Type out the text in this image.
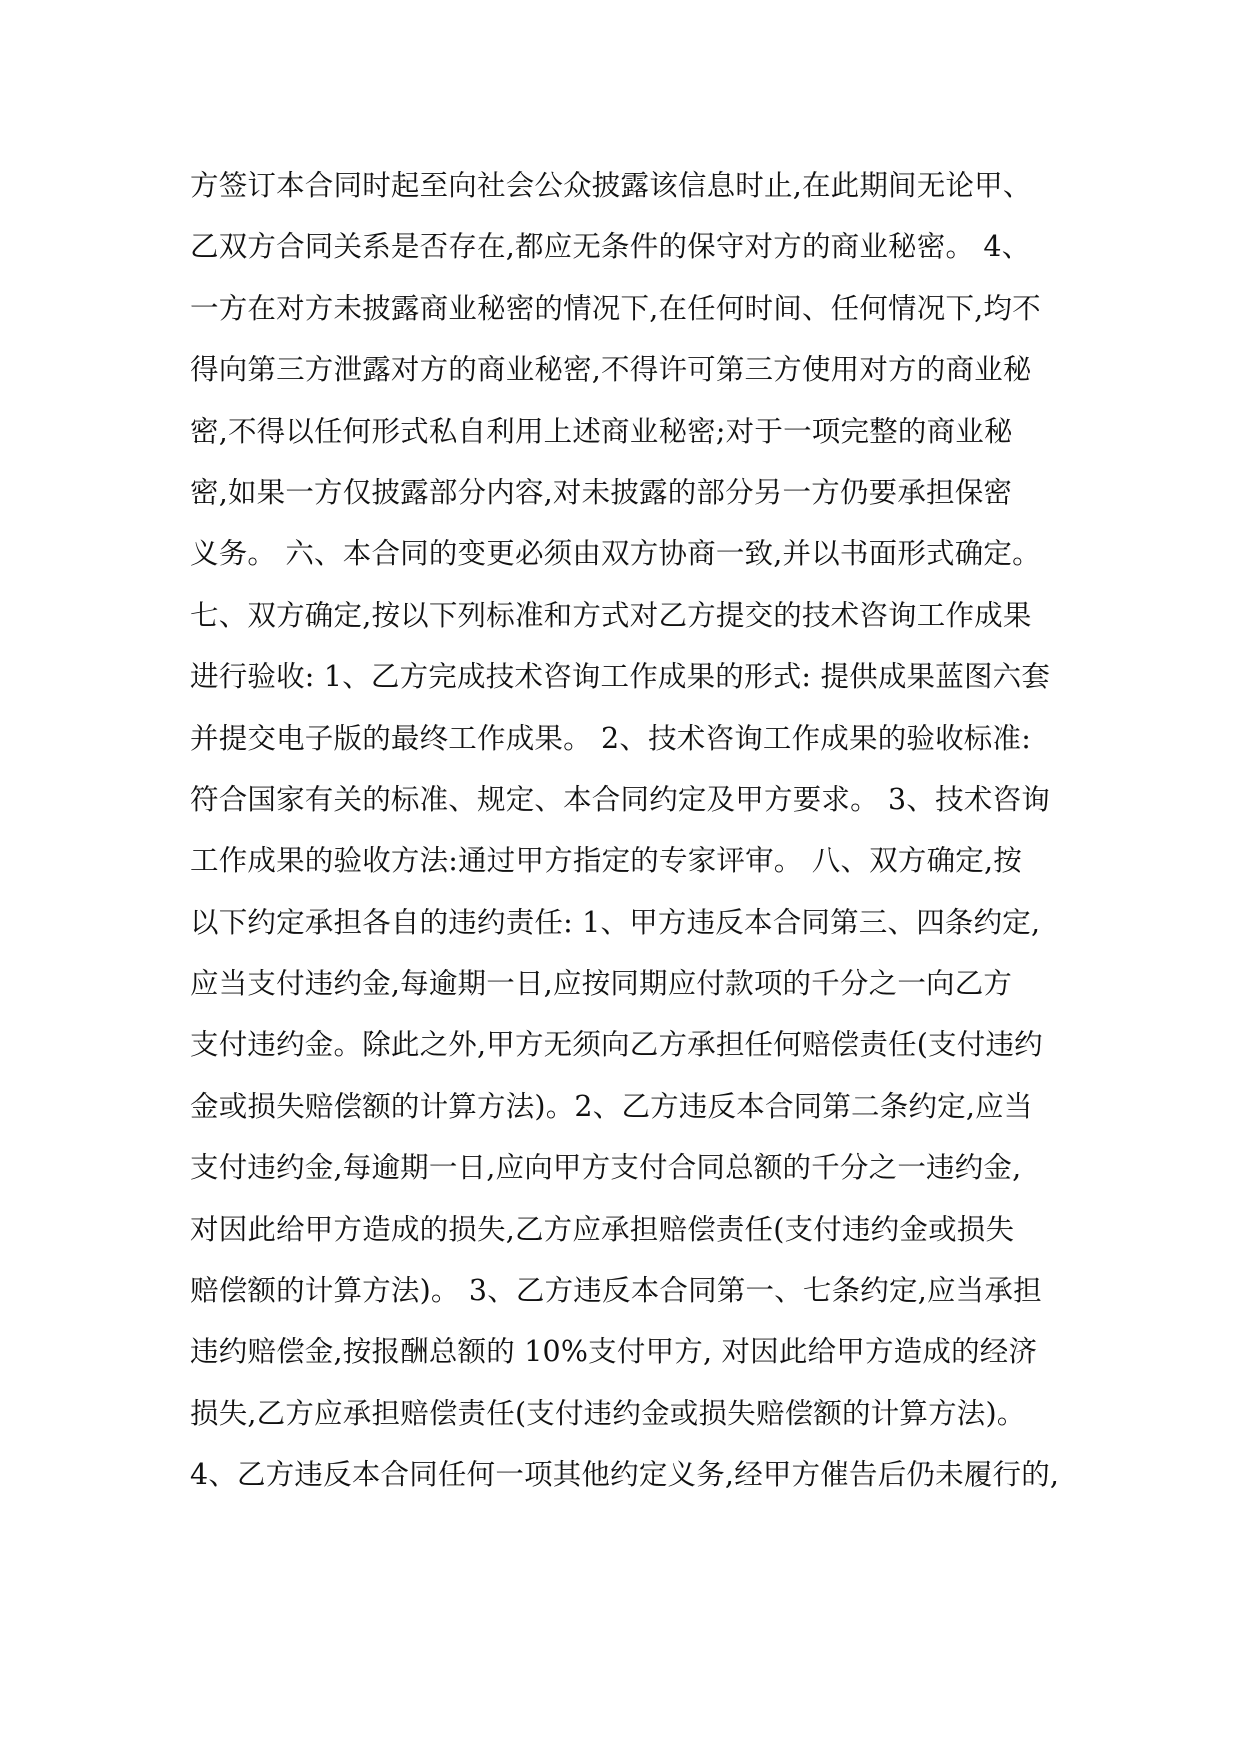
方签订本合同时起至向社会公众披露该信息时止,在此期间无论甲、
乙双方合同关系是否存在,都应无条件的保守对方的商业秘密。 4、
一方在对方未披露商业秘密的情况下,在任何时间、任何情况下,均不
得向第三方泄露对方的商业秘密,不得许可第三方使用对方的商业秘
密,不得以任何形式私自利用上述商业秘密;对于一项完整的商业秘
密,如果一方仅披露部分内容,对未披露的部分另一方仍要承担保密
义务。 六、本合同的变更必须由双方协商一致,并以书面形式确定。
七、双方确定,按以下列标准和方式对乙方提交的技术咨询工作成果
进行验收: 1、乙方完成技术咨询工作成果的形式: 提供成果蓝图六套
并提交电子版的最终工作成果。 2、技术咨询工作成果的验收标准:
符合国家有关的标准、规定、本合同约定及甲方要求。 3、技术咨询
工作成果的验收方法:通过甲方指定的专家评审。 八、双方确定,按
以下约定承担各自的违约责任: 1、甲方违反本合同第三、四条约定,
应当支付违约金,每逾期一日,应按同期应付款项的千分之一向乙方
支付违约金。除此之外,甲方无须向乙方承担任何赔偿责任(支付违约
金或损失赔偿额的计算方法)。2、乙方违反本合同第二条约定,应当
支付违约金,每逾期一日,应向甲方支付合同总额的千分之一违约金,
对因此给甲方造成的损失,乙方应承担赔偿责任(支付违约金或损失
赔偿额的计算方法)。 3、乙方违反本合同第一、七条约定,应当承担
违约赔偿金,按报酬总额的 10%支付甲方, 对因此给甲方造成的经济
损失,乙方应承担赔偿责任(支付违约金或损失赔偿额的计算方法)。
4、乙方违反本合同任何一项其他约定义务,经甲方催告后仍未履行的,
